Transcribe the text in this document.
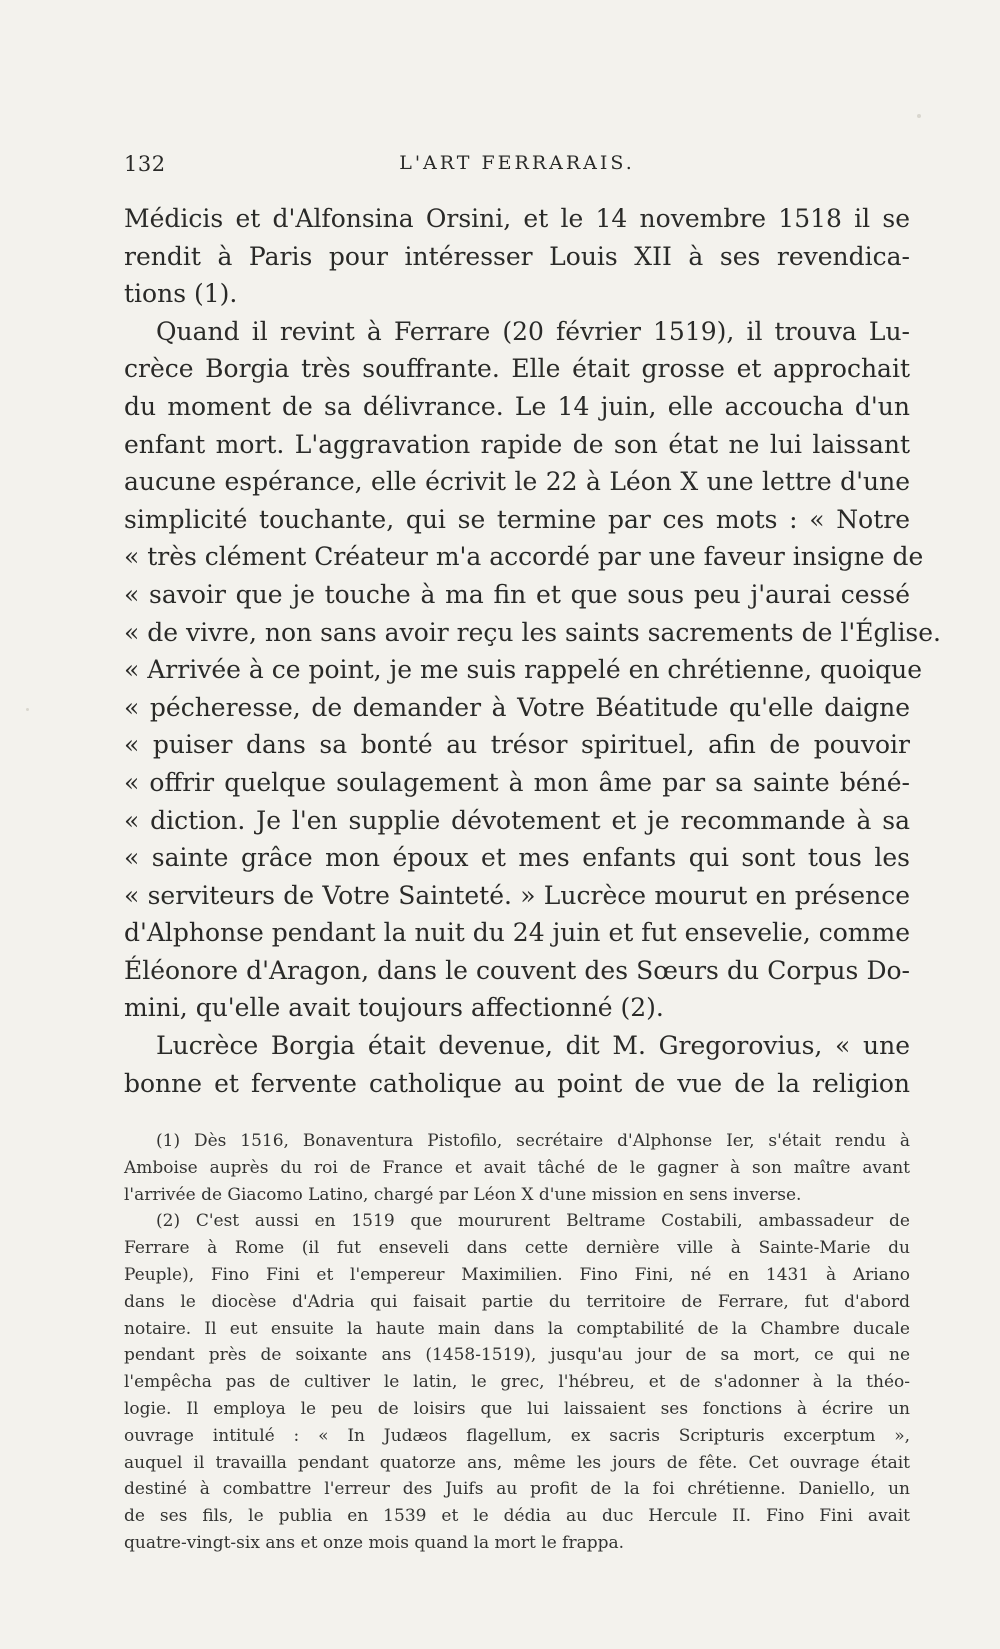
132	L'ART FERRARAIS.
Médicis et d'Alfonsina Orsini, et le 14 novembre 1518 il se
rendit à Paris pour intéresser Louis XII à ses revendica-
tions (1).
Quand il revint à Ferrare (20 février 1519), il trouva Lu-
crèce Borgia très souffrante. Elle était grosse et approchait
du moment de sa délivrance. Le 14 juin, elle accoucha d'un
enfant mort. L'aggravation rapide de son état ne lui laissant
aucune espérance, elle écrivit le 22 à Léon X une lettre d'une
simplicité touchante, qui se termine par ces mots : « Notre
« très clément Créateur m'a accordé par une faveur insigne de
« savoir que je touche à ma fin et que sous peu j'aurai cessé
« de vivre, non sans avoir reçu les saints sacrements de l'Église.
« Arrivée à ce point, je me suis rappelé en chrétienne, quoique
« pécheresse, de demander à Votre Béatitude qu'elle daigne
« puiser dans sa bonté au trésor spirituel, afin de pouvoir
« offrir quelque soulagement à mon âme par sa sainte béné-
« diction. Je l'en supplie dévotement et je recommande à sa
« sainte grâce mon époux et mes enfants qui sont tous les
« serviteurs de Votre Sainteté. » Lucrèce mourut en présence
d'Alphonse pendant la nuit du 24 juin et fut ensevelie, comme
Éléonore d'Aragon, dans le couvent des Sœurs du Corpus Do-
mini, qu'elle avait toujours affectionné (2).
Lucrèce Borgia était devenue, dit M. Gregorovius, « une
bonne et fervente catholique au point de vue de la religion
(1) Dès 1516, Bonaventura Pistofilo, secrétaire d'Alphonse Ier, s'était rendu à
Amboise auprès du roi de France et avait tâché de le gagner à son maître avant
l'arrivée de Giacomo Latino, chargé par Léon X d'une mission en sens inverse.
(2) C'est aussi en 1519 que moururent Beltrame Costabili, ambassadeur de
Ferrare à Rome (il fut enseveli dans cette dernière ville à Sainte-Marie du
Peuple), Fino Fini et l'empereur Maximilien. Fino Fini, né en 1431 à Ariano
dans le diocèse d'Adria qui faisait partie du territoire de Ferrare, fut d'abord
notaire. Il eut ensuite la haute main dans la comptabilité de la Chambre ducale
pendant près de soixante ans (1458-1519), jusqu'au jour de sa mort, ce qui ne
l'empêcha pas de cultiver le latin, le grec, l'hébreu, et de s'adonner à la théo-
logie. Il employa le peu de loisirs que lui laissaient ses fonctions à écrire un
ouvrage intitulé : « In Judæos flagellum, ex sacris Scripturis excerptum »,
auquel il travailla pendant quatorze ans, même les jours de fête. Cet ouvrage était
destiné à combattre l'erreur des Juifs au profit de la foi chrétienne. Daniello, un
de ses fils, le publia en 1539 et le dédia au duc Hercule II. Fino Fini avait
quatre-vingt-six ans et onze mois quand la mort le frappa.
